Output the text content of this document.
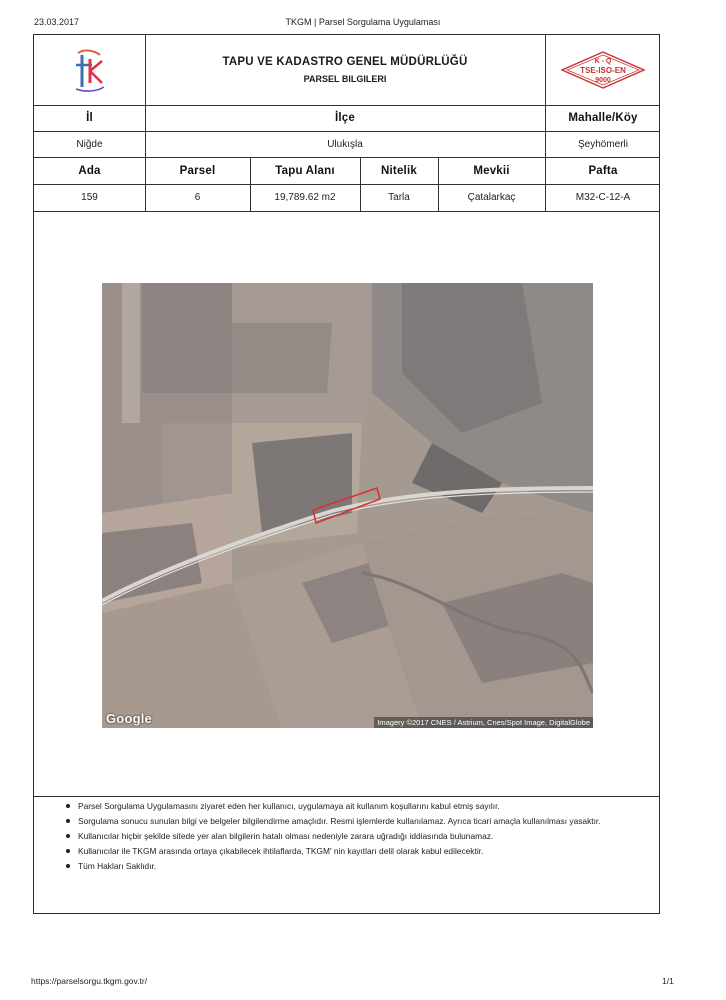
23.03.2017	TKGM | Parsel Sorgulama Uygulaması
TAPU VE KADASTRO GENEL MÜDÜRLÜĞÜ
PARSEL BILGILERI
K - Q
TSE-ISO-EN
9000
İl	İlçe	Mahalle/Köy
Niğde	Ulukışla	Şeyhömerli
Ada	Parsel	Tapu Alanı	Nitelik	Mevkii	Pafta
159	6	19,789.62 m2	Tarla	Çatalarkaç	M32-C-12-A
Google	Imagery ©2017 CNES / Astrium, Cnes/Spot Image, DigitalGlobe
Parsel Sorgulama Uygulamasını ziyaret eden her kullanıcı, uygulamaya ait kullanım koşullarını kabul etmiş sayılır.
Sorgulama sonucu sunulan bilgi ve belgeler bilgilendirme amaçlıdır. Resmi işlemlerde kullanılamaz. Ayrıca ticari amaçla kullanılması yasaktır.
Kullanıcılar hiçbir şekilde sitede yer alan bilgilerin hatalı olması nedeniyle zarara uğradığı iddiasında bulunamaz.
Kullanıcılar ile TKGM arasında ortaya çıkabilecek ihtilaflarda, TKGM' nin kayıtları delil olarak kabul edilecektir.
Tüm Hakları Saklıdır.
https://parselsorgu.tkgm.gov.tr/	1/1
